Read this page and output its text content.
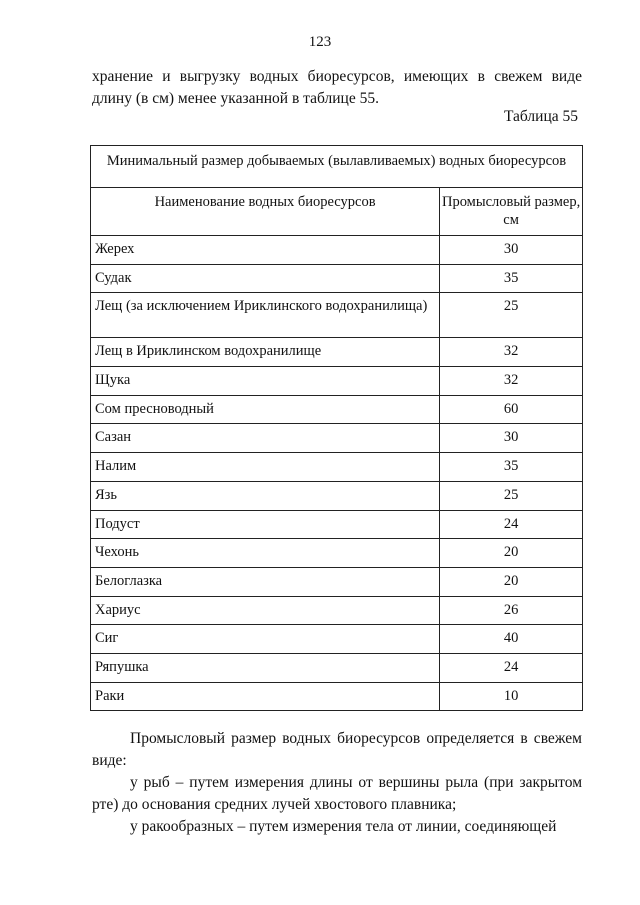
123
хранение и выгрузку водных биоресурсов, имеющих в свежем виде длину (в см) менее указанной в таблице 55.
Таблица 55
Минимальный размер добываемых (вылавливаемых) водных биоресурсов	
Наименование водных биоресурсов	Промысловый размер, см
Жерех	30
Судак	35
Лещ (за исключением Ириклинского водохранилища)	25
Лещ в Ириклинском водохранилище	32
Щука	32
Сом пресноводный	60
Сазан	30
Налим	35
Язь	25
Подуст	24
Чехонь	20
Белоглазка	20
Хариус	26
Сиг	40
Ряпушка	24
Раки	10

Промысловый размер водных биоресурсов определяется в свежем виде:

у рыб – путем измерения длины от вершины рыла (при закрытом рте) до основания средних лучей хвостового плавника;

у ракообразных – путем измерения тела от линии, соединяющей
